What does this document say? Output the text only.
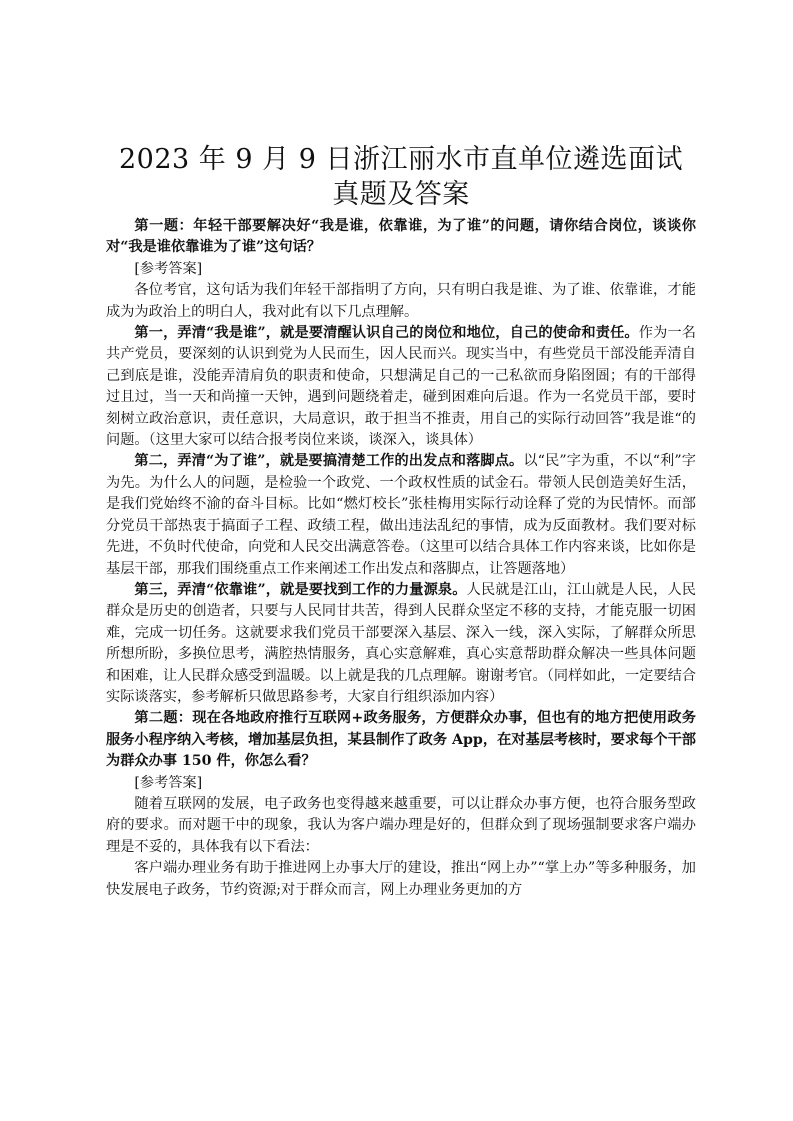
2023 年 9 月 9 日浙江丽水市直单位遴选面试
真题及答案

第一题：年轻干部要解决好“我是谁，依靠谁，为了谁”的问题，请你结合岗位，谈谈你对“我是谁依靠谁为了谁”这句话？

[参考答案]

各位考官，这句话为我们年轻干部指明了方向，只有明白我是谁、为了谁、依靠谁，才能成为为政治上的明白人，我对此有以下几点理解。

第一，弄清“我是谁”，就是要清醒认识自己的岗位和地位，自己的使命和责任。作为一名共产党员，要深刻的认识到党为人民而生，因人民而兴。现实当中，有些党员干部没能弄清自己到底是谁，没能弄清肩负的职责和使命，只想满足自己的一己私欲而身陷囹圄；有的干部得过且过，当一天和尚撞一天钟，遇到问题绕着走，碰到困难向后退。作为一名党员干部，要时刻树立政治意识，责任意识，大局意识，敢于担当不推责，用自己的实际行动回答”我是谁“的问题。（这里大家可以结合报考岗位来谈，谈深入，谈具体）

第二，弄清“为了谁”，就是要搞清楚工作的出发点和落脚点。以“民”字为重，不以“利”字为先。为什么人的问题，是检验一个政党、一个政权性质的试金石。带领人民创造美好生活，是我们党始终不渝的奋斗目标。比如“燃灯校长”张桂梅用实际行动诠释了党的为民情怀。而部分党员干部热衷于搞面子工程、政绩工程，做出违法乱纪的事情，成为反面教材。我们要对标先进，不负时代使命，向党和人民交出满意答卷。（这里可以结合具体工作内容来谈，比如你是基层干部，那我们围绕重点工作来阐述工作出发点和落脚点，让答题落地）

第三，弄清“依靠谁”，就是要找到工作的力量源泉。人民就是江山，江山就是人民，人民群众是历史的创造者，只要与人民同甘共苦，得到人民群众坚定不移的支持，才能克服一切困难，完成一切任务。这就要求我们党员干部要深入基层、深入一线，深入实际，了解群众所思所想所盼，多换位思考，满腔热情服务，真心实意解难，真心实意帮助群众解决一些具体问题和困难，让人民群众感受到温暖。以上就是我的几点理解。谢谢考官。（同样如此，一定要结合实际谈落实，参考解析只做思路参考，大家自行组织添加内容）

第二题：现在各地政府推行互联网+政务服务，方便群众办事，但也有的地方把使用政务服务小程序纳入考核，增加基层负担，某县制作了政务 App，在对基层考核时，要求每个干部为群众办事 150 件，你怎么看？

[参考答案]

随着互联网的发展，电子政务也变得越来越重要，可以让群众办事方便，也符合服务型政府的要求。而对题干中的现象，我认为客户端办理是好的，但群众到了现场强制要求客户端办理是不妥的，具体我有以下看法：

客户端办理业务有助于推进网上办事大厅的建设，推出“网上办”“掌上办”等多种服务，加快发展电子政务，节约资源;对于群众而言，网上办理业务更加的方
